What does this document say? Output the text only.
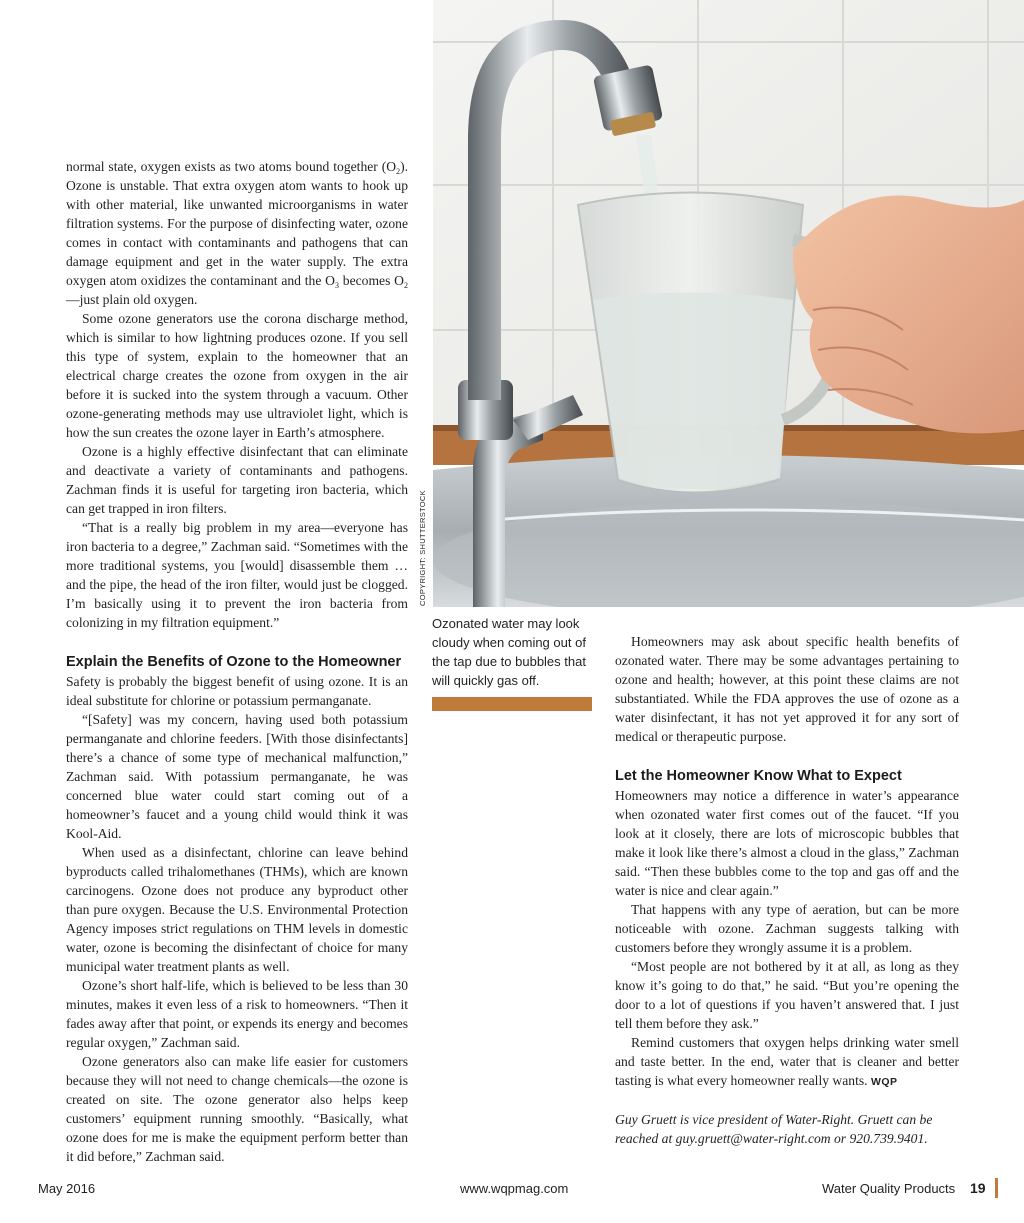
COPYRIGHT: SHUTTERSTOCK
Ozonated water may look cloudy when coming out of the tap due to bubbles that will quickly gas off.

normal state, oxygen exists as two atoms bound together $(O_2)$. Ozone is unstable. That extra oxygen atom wants to hook up with other material, like unwanted microorganisms in water filtration systems. For the purpose of disinfecting water, ozone comes in contact with contaminants and pathogens that can damage equipment and get in the water supply. The extra oxygen atom oxidizes the contaminant and the $O_3$ becomes $O_2—just$ plain old oxygen.

Some ozone generators use the corona discharge method, which is similar to how lightning produces ozone. If you sell this type of system, explain to the homeowner that an electrical charge creates the ozone from oxygen in the air before it is sucked into the system through a vacuum. Other ozone-generating methods may use ultraviolet light, which is how the sun creates the ozone layer in Earth’s atmosphere.

Ozone is a highly effective disinfectant that can eliminate and deactivate a variety of contaminants and pathogens. Zachman finds it is useful for targeting iron bacteria, which can get trapped in iron filters.

“That is a really big problem in my area—everyone has iron bacteria to a degree,” Zachman said. “Sometimes with the more traditional systems, you [would] disassemble them … and the pipe, the head of the iron filter, would just be clogged. I’m basically using it to prevent the iron bacteria from colonizing in my filtration equipment.”

Explain the Benefits of Ozone to the Homeowner

Safety is probably the biggest benefit of using ozone. It is an ideal substitute for chlorine or potassium permanganate.

“[Safety] was my concern, having used both potassium permanganate and chlorine feeders. [With those disinfectants] there’s a chance of some type of mechanical malfunction,” Zachman said. With potassium permanganate, he was concerned blue water could start coming out of a homeowner’s faucet and a young child would think it was Kool-Aid.

When used as a disinfectant, chlorine can leave behind byproducts called trihalomethanes (THMs), which are known carcinogens. Ozone does not produce any byproduct other than pure oxygen. Because the U.S. Environmental Protection Agency imposes strict regulations on THM levels in domestic water, ozone is becoming the disinfectant of choice for many municipal water treatment plants as well.

Ozone’s short half-life, which is believed to be less than 30 minutes, makes it even less of a risk to homeowners. “Then it fades away after that point, or expends its energy and becomes regular oxygen,” Zachman said.

Ozone generators also can make life easier for customers because they will not need to change chemicals—the ozone is created on site. The ozone generator also helps keep customers’ equipment running smoothly. “Basically, what ozone does for me is make the equipment perform better than it did before,” Zachman said.

Homeowners may ask about specific health benefits of ozonated water. There may be some advantages pertaining to ozone and health; however, at this point these claims are not substantiated. While the FDA approves the use of ozone as a water disinfectant, it has not yet approved it for any sort of medical or therapeutic purpose.

Let the Homeowner Know What to Expect

Homeowners may notice a difference in water’s appearance when ozonated water first comes out of the faucet. “If you look at it closely, there are lots of microscopic bubbles that make it look like there’s almost a cloud in the glass,” Zachman said. “Then these bubbles come to the top and gas off and the water is nice and clear again.”

That happens with any type of aeration, but can be more noticeable with ozone. Zachman suggests talking with customers before they wrongly assume it is a problem.

“Most people are not bothered by it at all, as long as they know it’s going to do that,” he said. “But you’re opening the door to a lot of questions if you haven’t answered that. I just tell them before they ask.”

Remind customers that oxygen helps drinking water smell and taste better. In the end, water that is cleaner and better tasting is what every homeowner really wants. WQP

Guy Gruett is vice president of Water-Right. Gruett can be reached at guy.gruett@water-right.com or 920.739.9401.

May 2016	www.wqpmag.com	Water Quality Products 19
